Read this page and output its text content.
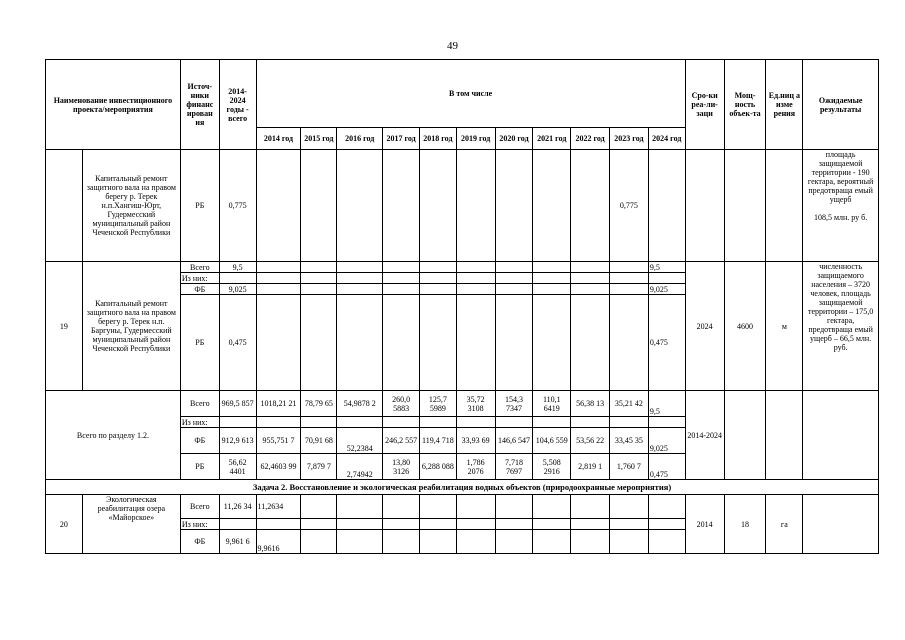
49
Наименование инвестиционного проекта/мероприятия		Источ-ники финанс ирован ия	2014-2024 годы - всего	В том числе											Сро-ки реа-ли-заци	Мощ-ность объек-та	Ед.ниц а изме рения	Ожидаемые результаты
				2014 год	2015 год	2016 год	2017 год	2018 год	2019 год	2020 год	2021 год	2022 год	2023 год	2024 год				
	Капитальный ремонт защитного вала на правом берегу р. Терек н.п.Хангиш-Юрт, Гудермесский муниципальный район Чеченской Республики	РБ	0,775										0,775					площадь защищаемой территории - 190 гектара, вероятный предотвраща емый ущерб
108,5 млн. ру б.

19	Капитальный ремонт защитного вала на правом берегу р. Терек н.п. Баргуны, Гудермесский муниципальный район Чеченской Республики	Всего	9,5											9,5	2024	4600	м	численность защищаемого населения – 3720 человек, площадь защищаемой территории – 175,0 гектара, предотвраща емый ущерб – 66,5 млн. руб.
		Из них:																
		ФБ	9,025											9,025				
		РБ	0,475											0,475				
Всего по разделу 1.2.		Всего	969,5 857	1018,21 21	78,79 65	54,9878 2	260,0 5883	125,7 5989	35,72 3108	154,3 7347	110,1 6419	56,38 13	35,21 42	9,5	2014-2024			
		Из них:																
		ФБ	912,9 613	955,751 7	70,91 68	52,2384	246,2 557	119,4 718	33,93 69	146,6 547	104,6 559	53,56 22	33,45 35	9,025				
		РБ	56,62 4401	62,4603 99	7,879 7	2,74942	13,80 3126	6,288 088	1,786 2076	7,718 7697	5,508 2916	2,819 1	1,760 7	0,475				
Задача 2. Восстановление и экологическая реабилитация водных объектов (природоохранные мероприятия)																		
20	Экологическая реабилитация озера «Майорское»	Всего	11,26 34	11,2634											2014	18	га	
		Из них:																
		ФБ	9,961 6	9,9616														
